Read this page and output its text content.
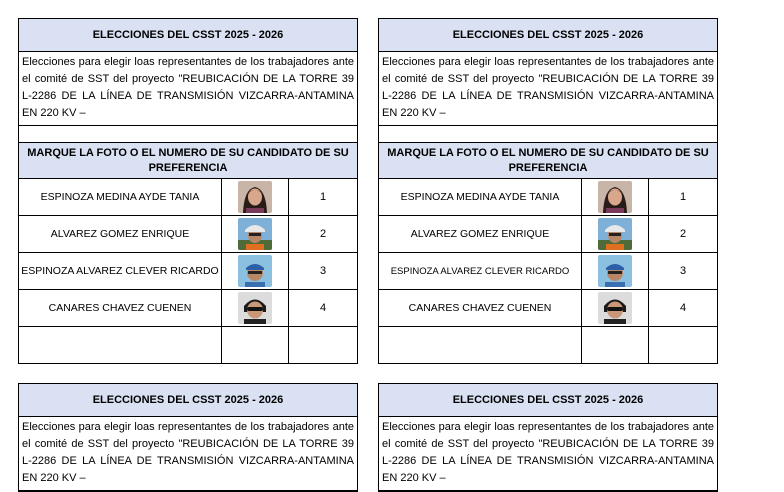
ELECCIONES DEL CSST 2025 - 2026
Elecciones para elegir loas representantes de los trabajadores ante el comité de SST del proyecto "REUBICACIÓN DE LA TORRE 39 L-2286 DE LA LÍNEA DE TRANSMISIÓN VIZCARRA-ANTAMINA EN 220 KV –
MARQUE LA FOTO O EL NUMERO DE SU CANDIDATO DE SU PREFERENCIA
ESPINOZA MEDINA AYDE TANIA	1
ALVAREZ GOMEZ ENRIQUE	2
ESPINOZA ALVAREZ CLEVER RICARDO	3
CANARES CHAVEZ CUENEN	4
ELECCIONES DEL CSST 2025 - 2026
Elecciones para elegir loas representantes de los trabajadores ante el comité de SST del proyecto "REUBICACIÓN DE LA TORRE 39 L-2286 DE LA LÍNEA DE TRANSMISIÓN VIZCARRA-ANTAMINA EN 220 KV –
MARQUE LA FOTO O EL NUMERO DE SU CANDIDATO DE SU PREFERENCIA
ESPINOZA MEDINA AYDE TANIA	1
ALVAREZ GOMEZ ENRIQUE	2
ESPINOZA ALVAREZ CLEVER RICARDO	3
CANARES CHAVEZ CUENEN	4
ELECCIONES DEL CSST 2025 - 2026
Elecciones para elegir loas representantes de los trabajadores ante el comité de SST del proyecto "REUBICACIÓN DE LA TORRE 39 L-2286 DE LA LÍNEA DE TRANSMISIÓN VIZCARRA-ANTAMINA EN 220 KV –
ELECCIONES DEL CSST 2025 - 2026
Elecciones para elegir loas representantes de los trabajadores ante el comité de SST del proyecto "REUBICACIÓN DE LA TORRE 39 L-2286 DE LA LÍNEA DE TRANSMISIÓN VIZCARRA-ANTAMINA EN 220 KV –
